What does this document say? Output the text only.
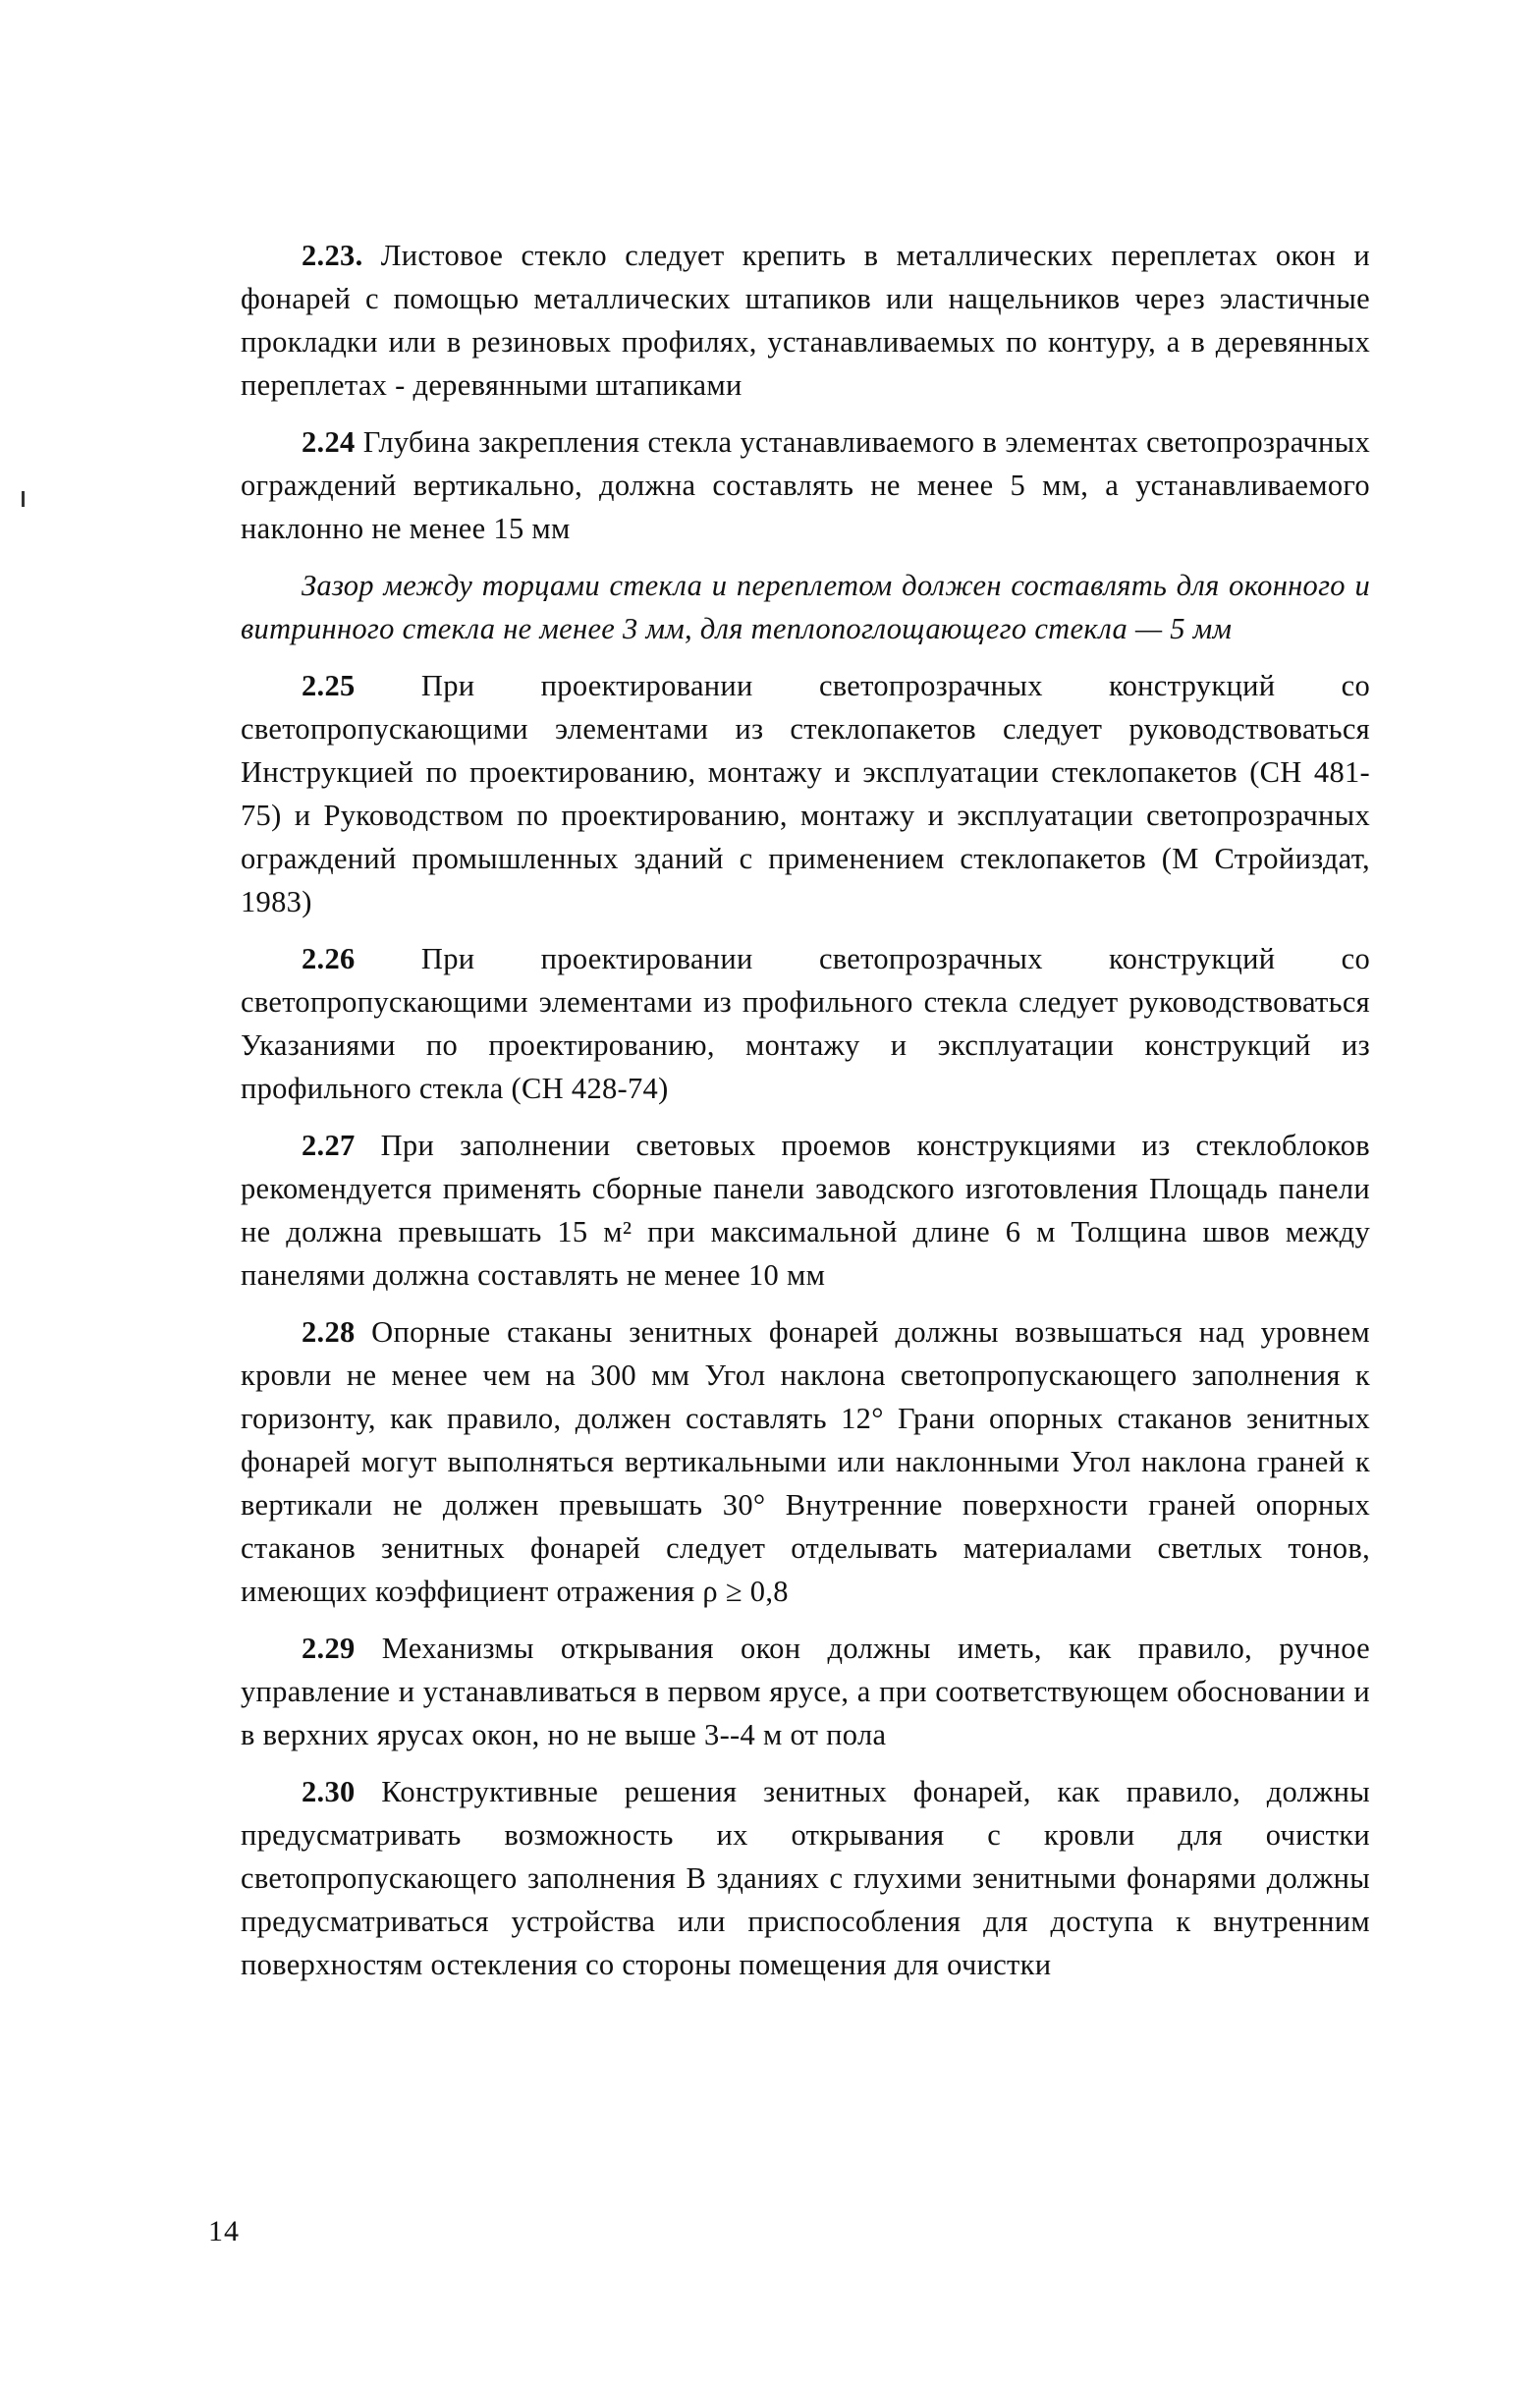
2.23. Листовое стекло следует крепить в металлических переплетах окон и фонарей с помощью металлических штапиков или нащельников через эластичные прокладки или в резиновых профилях, устанавливаемых по контуру, а в деревянных переплетах - деревянными штапиками

2.24 Глубина закрепления стекла устанавливаемого в элементах светопрозрачных ограждений вертикально, должна составлять не менее 5 мм, а устанавливаемого наклонно не менее 15 мм

Зазор между торцами стекла и переплетом должен составлять для оконного и витринного стекла не менее 3 мм, для теплопоглощающего стекла — 5 мм

2.25 При проектировании светопрозрачных конструкций со светопропускающими элементами из стеклопакетов следует руководствоваться Инструкцией по проектированию, монтажу и эксплуатации стеклопакетов (СН 481-75) и Руководством по проектированию, монтажу и эксплуатации светопрозрачных ограждений промышленных зданий с применением стеклопакетов (М Стройиздат, 1983)

2.26 При проектировании светопрозрачных конструкций со светопропускающими элементами из профильного стекла следует руководствоваться Указаниями по проектированию, монтажу и эксплуатации конструкций из профильного стекла (СН 428-74)

2.27 При заполнении световых проемов конструкциями из стеклоблоков рекомендуется применять сборные панели заводского изготовления Площадь панели не должна превышать 15 м² при максимальной длине 6 м Толщина швов между панелями должна составлять не менее 10 мм

2.28 Опорные стаканы зенитных фонарей должны возвышаться над уровнем кровли не менее чем на 300 мм Угол наклона светопропускающего заполнения к горизонту, как правило, должен составлять 12° Грани опорных стаканов зенитных фонарей могут выполняться вертикальными или наклонными Угол наклона граней к вертикали не должен превышать 30° Внутренние поверхности граней опорных стаканов зенитных фонарей следует отделывать материалами светлых тонов, имеющих коэффициент отражения ρ ≥ 0,8

2.29 Механизмы открывания окон должны иметь, как правило, ручное управление и устанавливаться в первом ярусе, а при соответствующем обосновании и в верхних ярусах окон, но не выше 3--4 м от пола

2.30 Конструктивные решения зенитных фонарей, как правило, должны предусматривать возможность их открывания с кровли для очистки светопропускающего заполнения В зданиях с глухими зенитными фонарями должны предусматриваться устройства или приспособления для доступа к внутренним поверхностям остекления со стороны помещения для очистки

14
